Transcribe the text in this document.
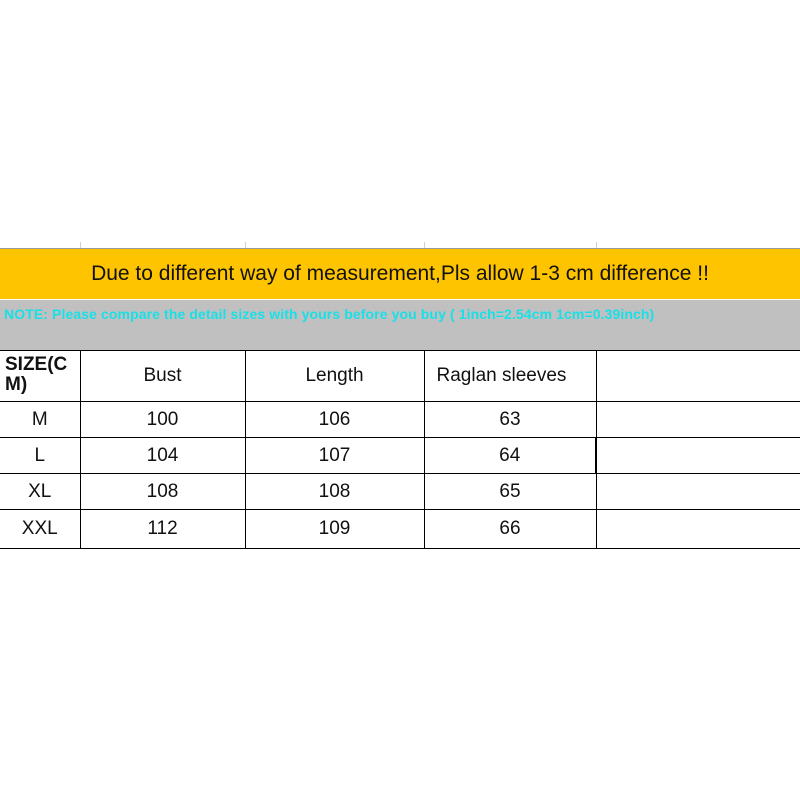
Due to different way of measurement,Pls allow 1-3 cm difference !!
NOTE: Please compare the detail sizes with yours before you buy ( 1inch=2.54cm 1cm=0.39inch)
SIZE(CM)	Bust	Length	Raglan sleeves	
M	100	106	63	
L	104	107	64	
XL	108	108	65	
XXL	112	109	66	
